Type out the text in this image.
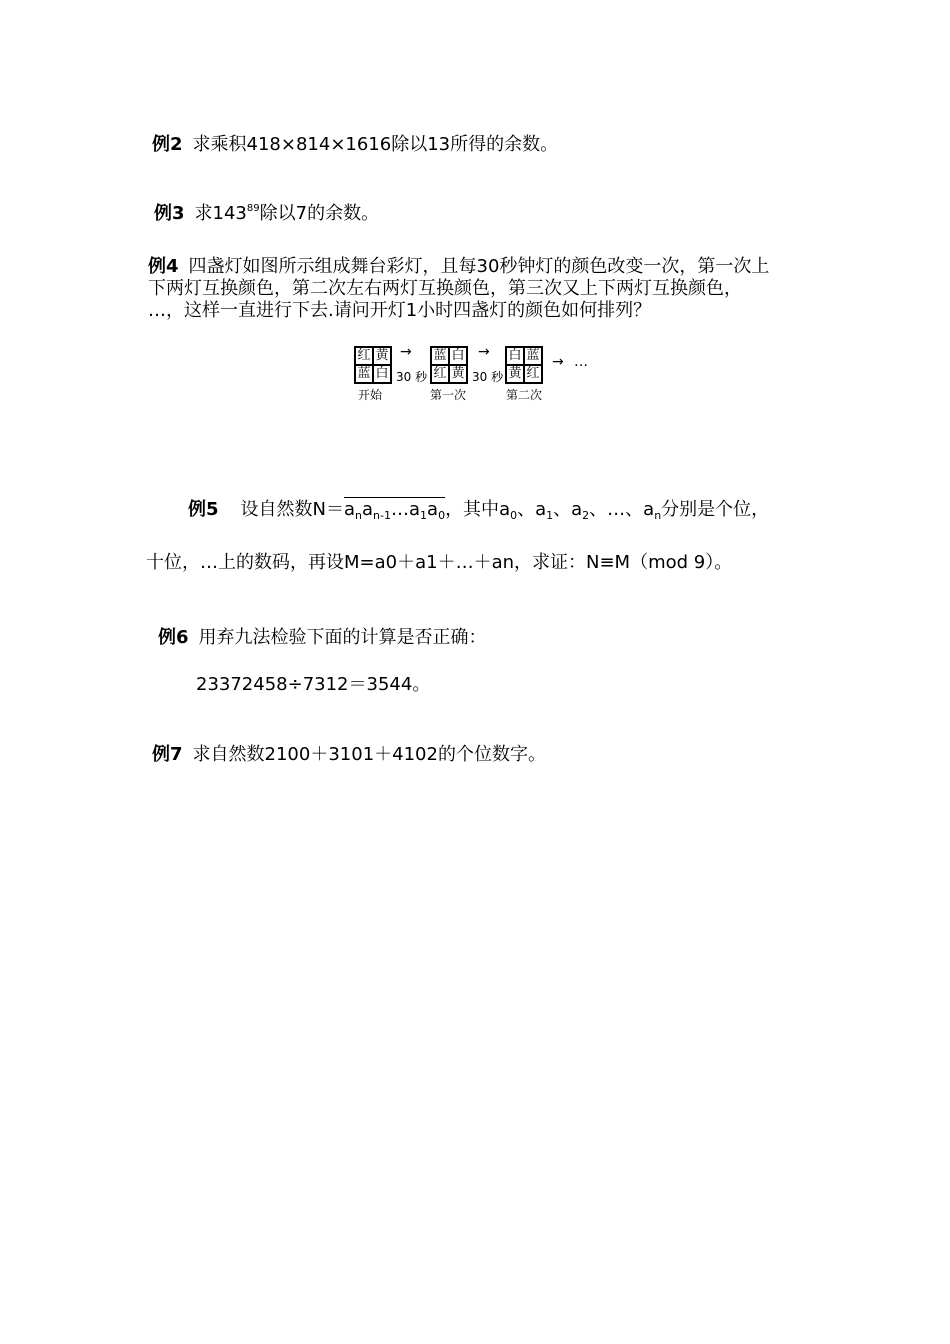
例2 求乘积418×814×1616除以13所得的余数。
例3 求$143^{89}$除以7的余数。
例4 四盏灯如图所示组成舞台彩灯，且每30秒钟灯的颜色改变一次，第一次上
下两灯互换颜色，第二次左右两灯互换颜色，第三次又上下两灯互换颜色，
…，这样一直进行下去.请问开灯1小时四盏灯的颜色如何排列？
红 黄
蓝 白
→
30 秒
蓝 白
红 黄
→
30 秒
白 蓝
黄 红
→ …
开始	第一次	第二次
例5 设自然数$N=a_na_{n-1}\dots a_1a_0$，其中$a_0$、$a_1$、$a_2$、…、$a_n$分别是个位，
十位，…上的数码，再设M=a0＋a1＋…＋an，求证：N≡M（mod 9）。
例6 用弃九法检验下面的计算是否正确：
23372458÷7312＝3544。
例7 求自然数2100＋3101＋4102的个位数字。
